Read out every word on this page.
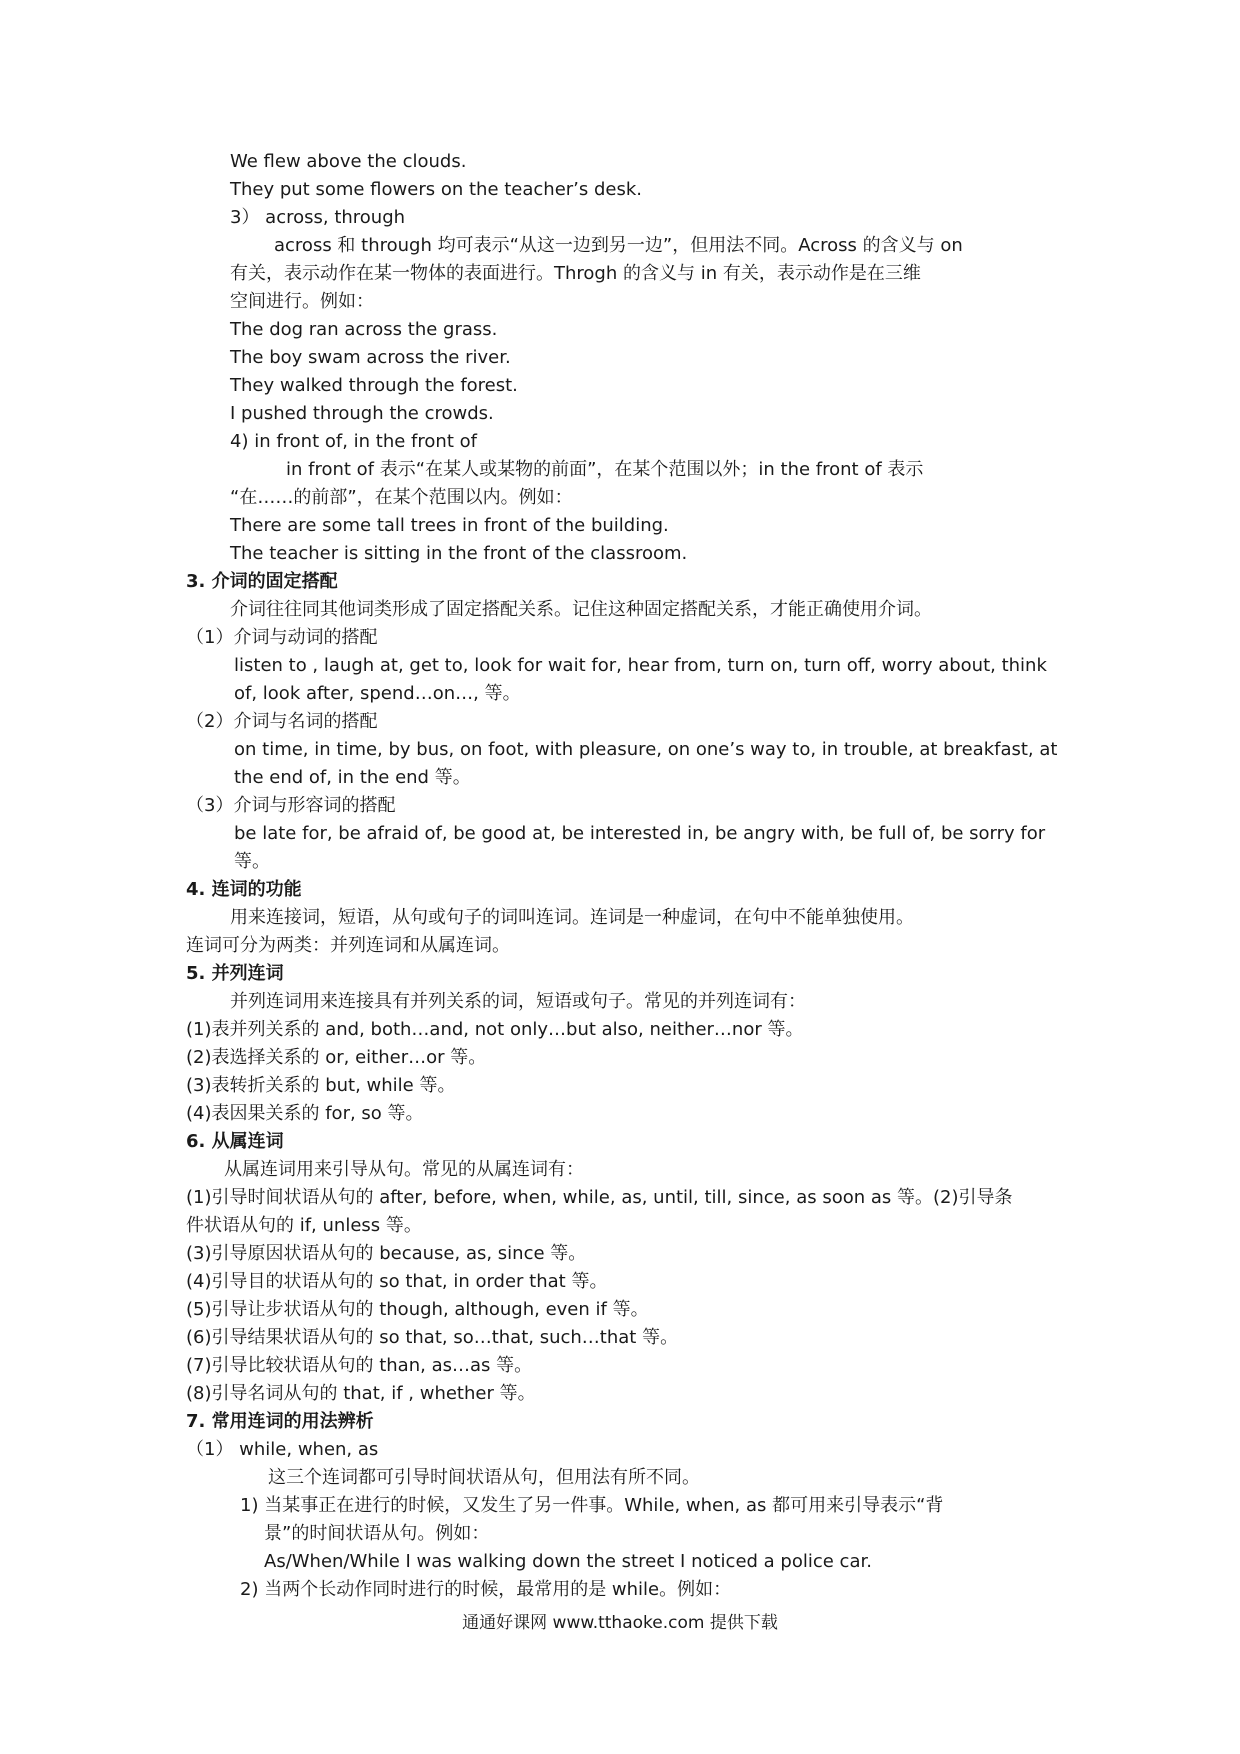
We flew above the clouds.
They put some flowers on the teacher’s desk.
3） across, through
across 和 through 均可表示“从这一边到另一边”，但用法不同。Across 的含义与 on
有关，表示动作在某一物体的表面进行。Throgh 的含义与 in 有关，表示动作是在三维
空间进行。例如：
The dog ran across the grass.
The boy swam across the river.
They walked through the forest.
I pushed through the crowds.
4) in front of, in the front of
in front of 表示“在某人或某物的前面”，在某个范围以外；in the front of 表示
“在……的前部”，在某个范围以内。例如：
There are some tall trees in front of the building.
The teacher is sitting in the front of the classroom.
3. 介词的固定搭配
介词往往同其他词类形成了固定搭配关系。记住这种固定搭配关系，才能正确使用介词。
（1）介词与动词的搭配
listen to , laugh at, get to, look for wait for, hear from, turn on, turn off, worry about, think
of, look after, spend…on…, 等。
（2）介词与名词的搭配
on time, in time, by bus, on foot, with pleasure, on one’s way to, in trouble, at breakfast, at
the end of, in the end 等。
（3）介词与形容词的搭配
be late for, be afraid of, be good at, be interested in, be angry with, be full of, be sorry for
等。
4. 连词的功能
用来连接词，短语，从句或句子的词叫连词。连词是一种虚词，在句中不能单独使用。
连词可分为两类：并列连词和从属连词。
5. 并列连词
并列连词用来连接具有并列关系的词，短语或句子。常见的并列连词有：
(1)表并列关系的 and, both…and, not only…but also, neither…nor 等。
(2)表选择关系的 or, either…or 等。
(3)表转折关系的 but, while 等。
(4)表因果关系的 for, so 等。
6. 从属连词
从属连词用来引导从句。常见的从属连词有：
(1)引导时间状语从句的 after, before, when, while, as, until, till, since, as soon as 等。(2)引导条
件状语从句的 if, unless 等。
(3)引导原因状语从句的 because, as, since 等。
(4)引导目的状语从句的 so that, in order that 等。
(5)引导让步状语从句的 though, although, even if 等。
(6)引导结果状语从句的 so that, so…that, such…that 等。
(7)引导比较状语从句的 than, as…as 等。
(8)引导名词从句的 that, if , whether 等。
7. 常用连词的用法辨析
（1） while, when, as
这三个连词都可引导时间状语从句，但用法有所不同。
1) 当某事正在进行的时候，又发生了另一件事。While, when, as 都可用来引导表示“背
景”的时间状语从句。例如：
As/When/While I was walking down the street I noticed a police car.
2) 当两个长动作同时进行的时候，最常用的是 while。例如：
通通好课网 www.tthaoke.com 提供下载
